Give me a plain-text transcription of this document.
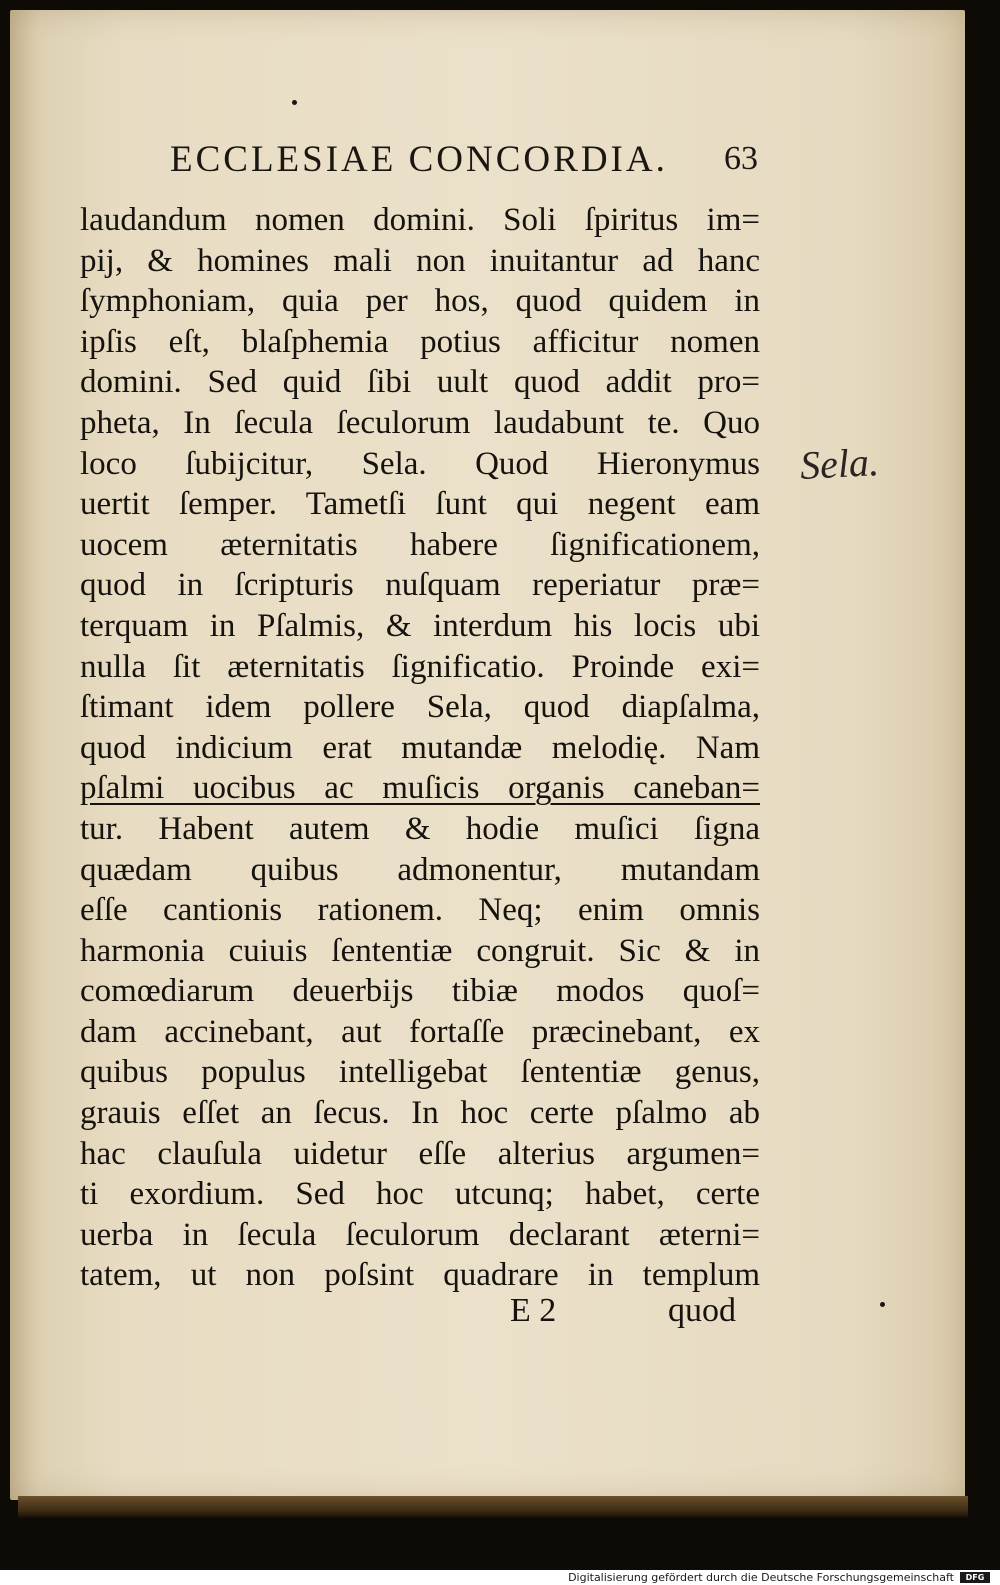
ECCLESIAE CONCORDIA. 63
laudandum nomen domini. Soli ſpiritus im=
pij, & homines mali non inuitantur ad hanc
ſymphoniam, quia per hos, quod quidem in
ipſis eſt, blaſphemia potius afficitur nomen
domini. Sed quid ſibi uult quod addit pro=
pheta, In ſecula ſeculorum laudabunt te. Quo
loco ſubijcitur, Sela. Quod Hieronymus
uertit ſemper. Tametſi ſunt qui negent eam
uocem æternitatis habere ſignificationem,
quod in ſcripturis nuſquam reperiatur præ=
terquam in Pſalmis, & interdum his locis ubi
nulla ſit æternitatis ſignificatio. Proinde exi=
ſtimant idem pollere Sela, quod diapſalma,
quod indicium erat mutandæ melodię. Nam
pſalmi uocibus ac muſicis organis caneban=
tur. Habent autem & hodie muſici ſigna
quædam quibus admonentur, mutandam
eſſe cantionis rationem. Neq; enim omnis
harmonia cuiuis ſententiæ congruit. Sic & in
comœdiarum deuerbijs tibiæ modos quoſ=
dam accinebant, aut fortaſſe præcinebant, ex
quibus populus intelligebat ſententiæ genus,
grauis eſſet an ſecus. In hoc certe pſalmo ab
hac clauſula uidetur eſſe alterius argumen=
ti exordium. Sed hoc utcunq; habet, certe
uerba in ſecula ſeculorum declarant æterni=
tatem, ut non poſsint quadrare in templum
E 2	quod
Sela.
Digitalisierung gefördert durch die Deutsche Forschungsgemeinschaft	DFG
